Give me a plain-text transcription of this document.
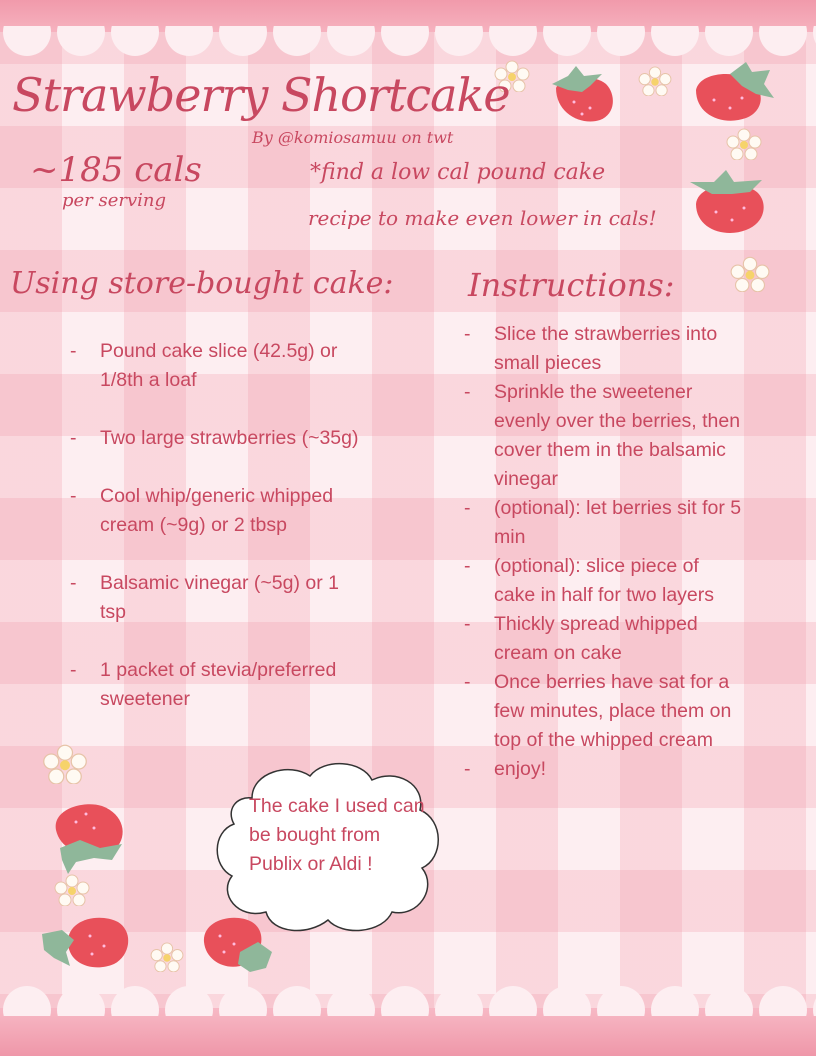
Strawberry Shortcake
By @komiosamuu on twt
~185 cals
per serving
*find a low cal pound cake
recipe to make even lower in cals!
Using store-bought cake: Instructions:
- Pound cake slice (42.5g) or 1/8th a loaf
- Two large strawberries (~35g)
- Cool whip/generic whipped cream (~9g) or 2 tbsp
- Balsamic vinegar (~5g) or 1 tsp
- 1 packet of stevia/preferred sweetener
- Slice the strawberries into small pieces
- Sprinkle the sweetener evenly over the berries, then cover them in the balsamic vinegar
- (optional): let berries sit for 5 min
- (optional): slice piece of cake in half for two layers
- Thickly spread whipped cream on cake
- Once berries have sat for a few minutes, place them on top of the whipped cream
- enjoy!
The cake I used can be bought from Publix or Aldi !
